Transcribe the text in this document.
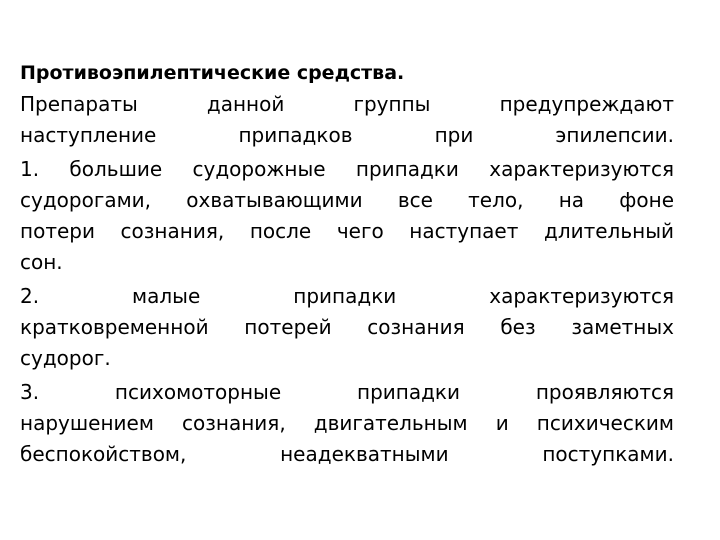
Противоэпилептические средства.
Препараты данной группы предупреждают
наступление припадков при эпилепсии.
1. большие судорожные припадки характеризуются
судорогами, охватывающими все тело, на фоне
потери сознания, после чего наступает длительный
сон.
2. малые припадки характеризуются
кратковременной потерей сознания без заметных
судорог.
3. психомоторные припадки проявляются
нарушением сознания, двигательным и психическим
беспокойством, неадекватными поступками.
